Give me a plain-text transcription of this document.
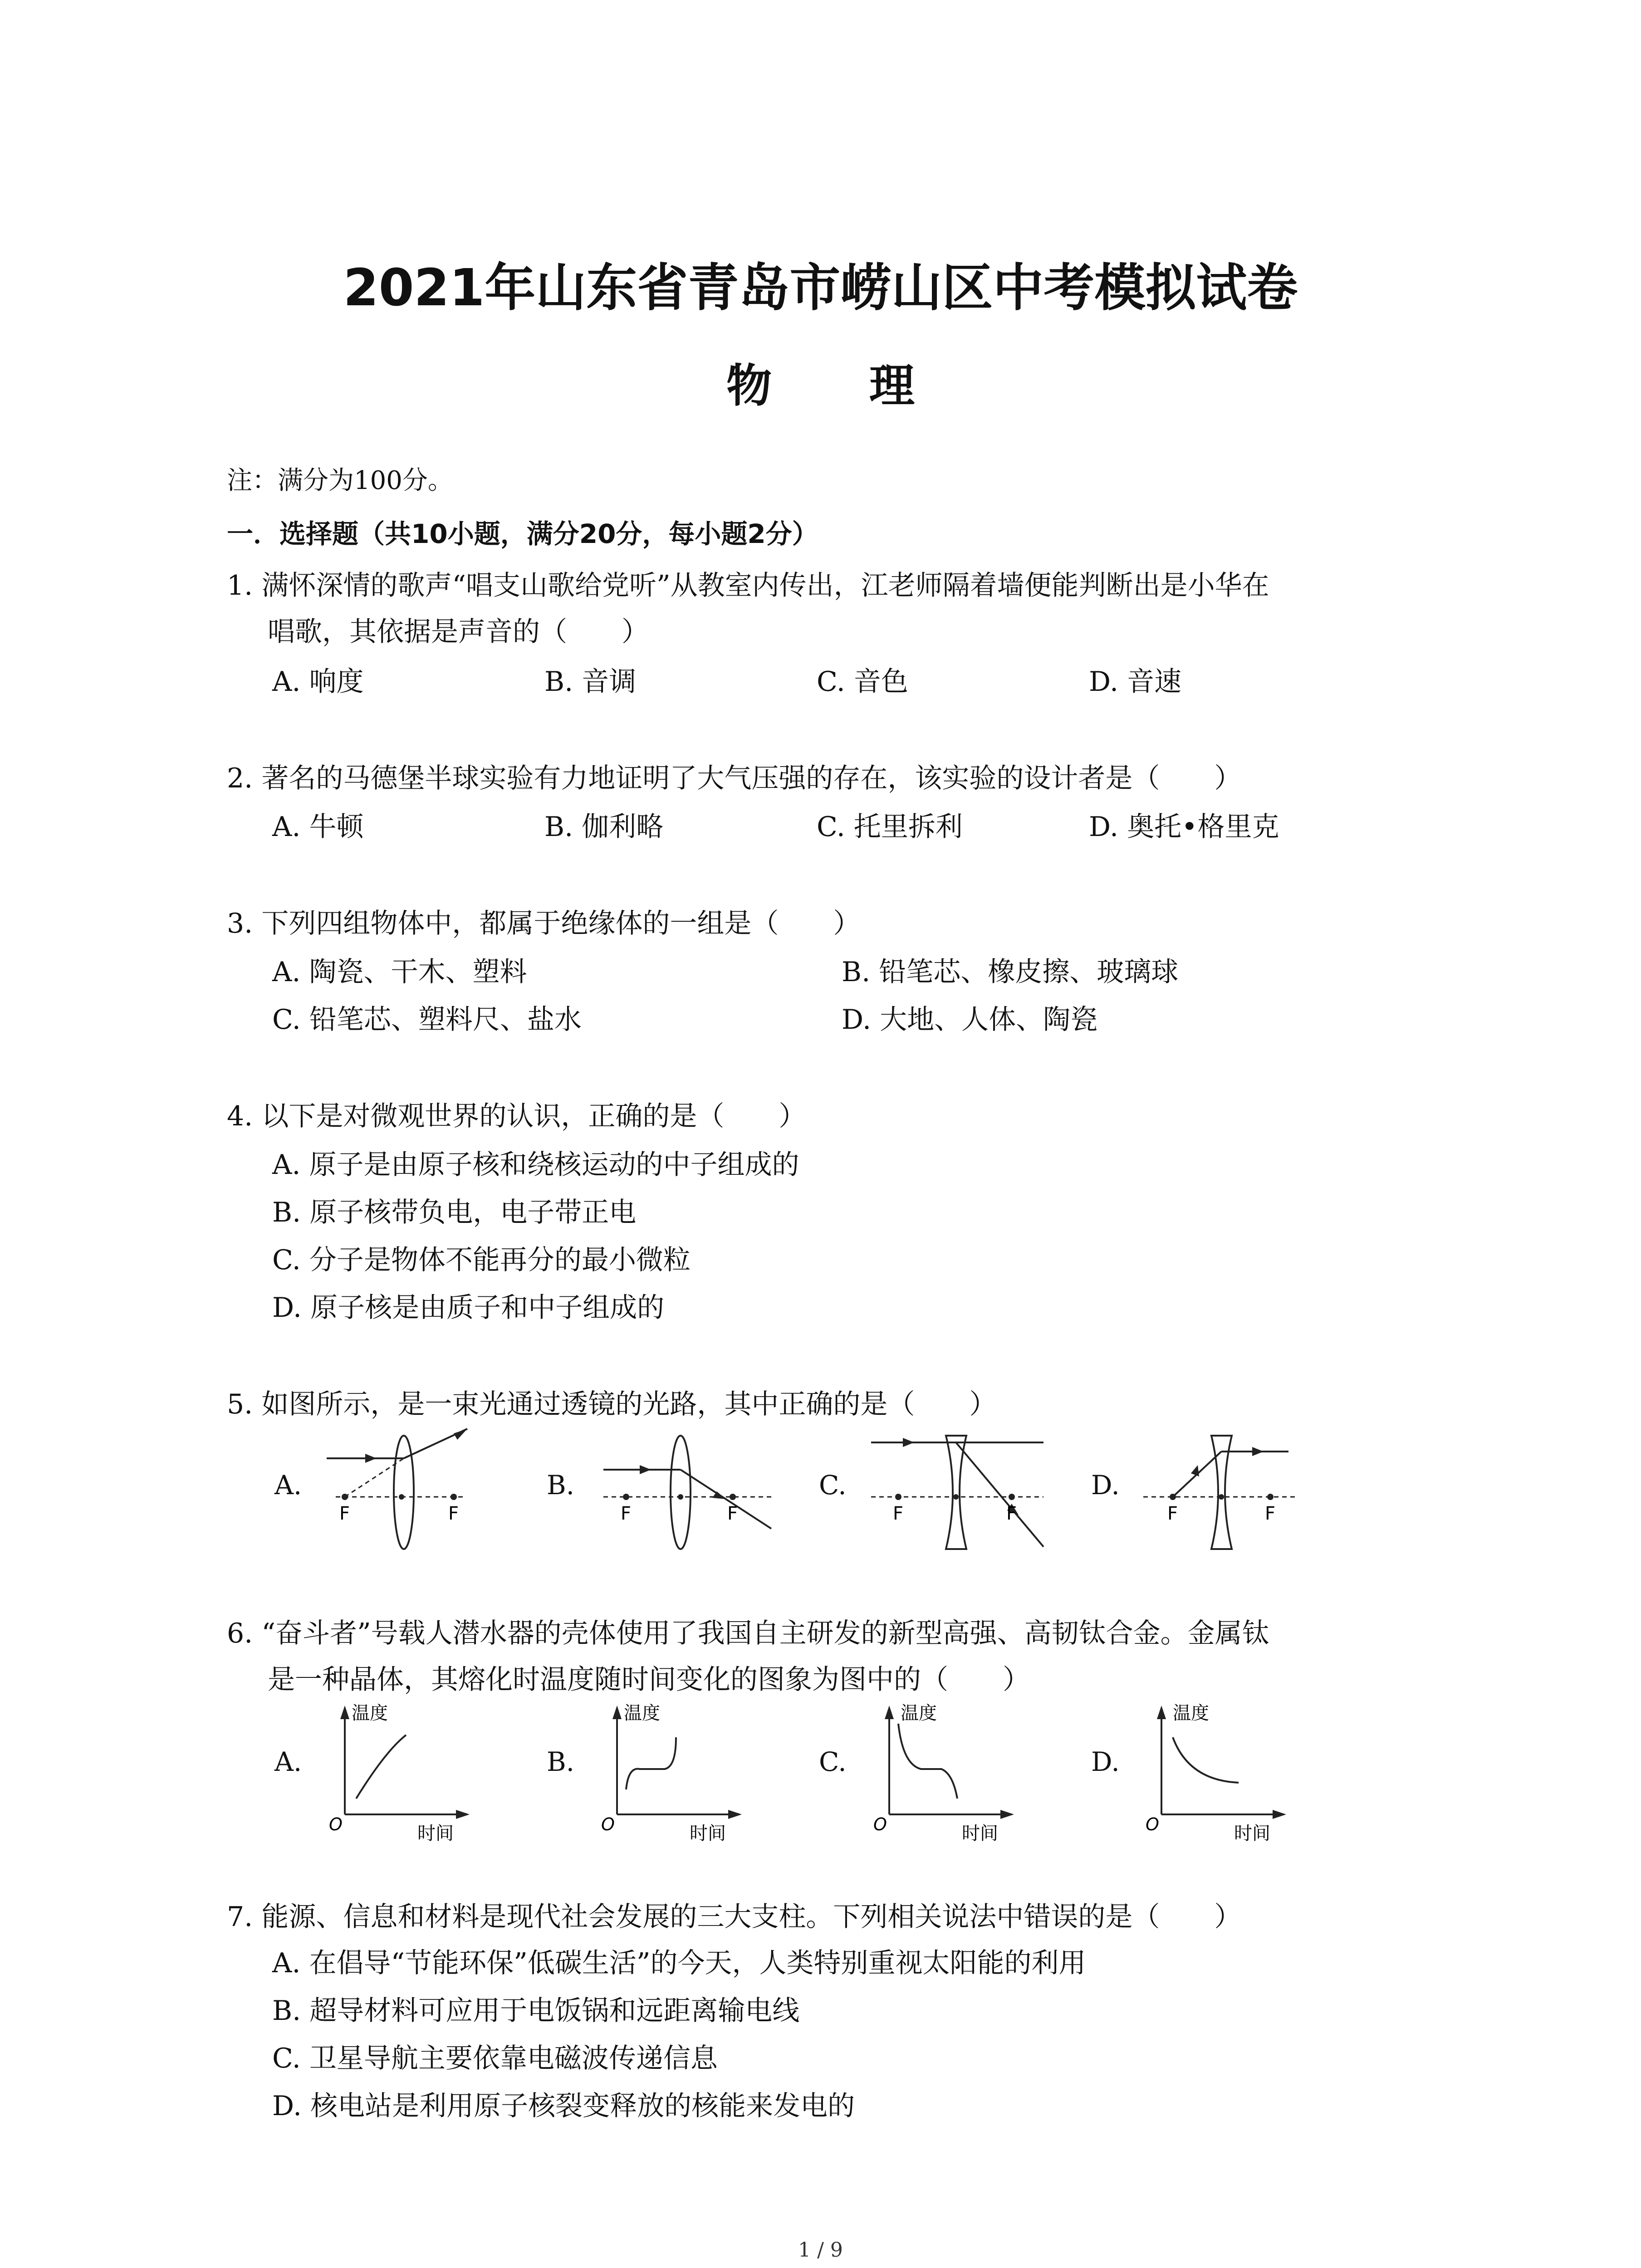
2021年山东省青岛市崂山区中考模拟试卷
物 理
注：满分为100分。
一．选择题（共10小题，满分20分，每小题2分）
1. 满怀深情的歌声“唱支山歌给党听”从教室内传出，江老师隔着墙便能判断出是小华在
唱歌，其依据是声音的（　　）
A. 响度	B. 音调	C. 音色	D. 音速
2. 著名的马德堡半球实验有力地证明了大气压强的存在，该实验的设计者是（　　）
A. 牛顿	B. 伽利略	C. 托里拆利	D. 奥托•格里克
3. 下列四组物体中，都属于绝缘体的一组是（　　）
A. 陶瓷、干木、塑料	B. 铅笔芯、橡皮擦、玻璃球
C. 铅笔芯、塑料尺、盐水	D. 大地、人体、陶瓷
4. 以下是对微观世界的认识，正确的是（　　）
A. 原子是由原子核和绕核运动的中子组成的
B. 原子核带负电，电子带正电
C. 分子是物体不能再分的最小微粒
D. 原子核是由质子和中子组成的
5. 如图所示，是一束光通过透镜的光路，其中正确的是（　　）
A.
F	F
B.
F	F
C.
F	F
D.
F	F
6. “奋斗者”号载人潜水器的壳体使用了我国自主研发的新型高强、高韧钛合金。金属钛
是一种晶体，其熔化时温度随时间变化的图象为图中的（　　）
A.
温度
时间
O
B.
温度
时间
O
C.
温度
时间
O
D.
温度
时间
O
7. 能源、信息和材料是现代社会发展的三大支柱。下列相关说法中错误的是（　　）
A. 在倡导“节能环保”低碳生活”的今天，人类特别重视太阳能的利用
B. 超导材料可应用于电饭锅和远距离输电线
C. 卫星导航主要依靠电磁波传递信息
D. 核电站是利用原子核裂变释放的核能来发电的
1 / 9
